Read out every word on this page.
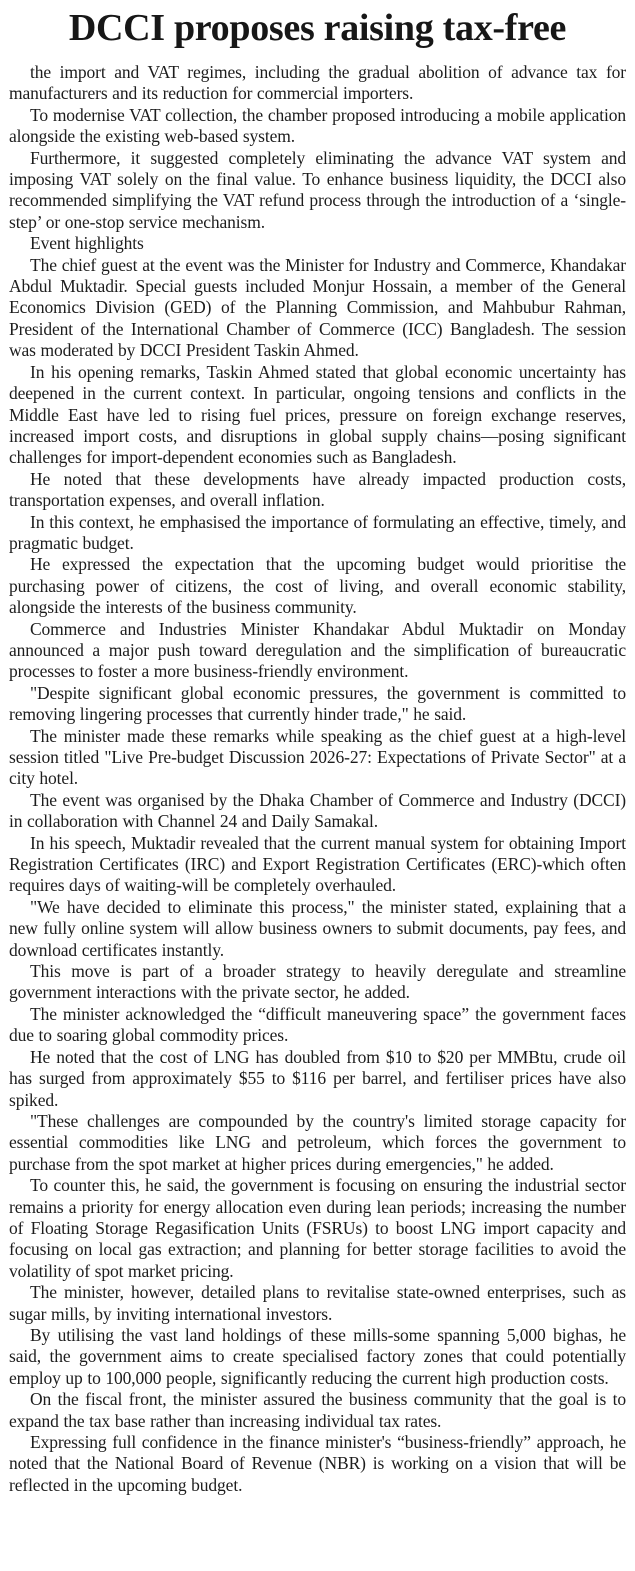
DCCI proposes raising tax-free

the import and VAT regimes, including the gradual abolition of advance tax for manufacturers and its reduction for commercial importers.

To modernise VAT collection, the chamber proposed introducing a mobile application alongside the existing web-based system.

Furthermore, it suggested completely eliminating the advance VAT system and imposing VAT solely on the final value. To enhance business liquidity, the DCCI also recommended simplifying the VAT refund process through the introduction of a ‘single-step’ or one-stop service mechanism.

Event highlights

The chief guest at the event was the Minister for Industry and Commerce, Khandakar Abdul Muktadir. Special guests included Monjur Hossain, a member of the General Economics Division (GED) of the Planning Commission, and Mahbubur Rahman, President of the International Chamber of Commerce (ICC) Bangladesh. The session was moderated by DCCI President Taskin Ahmed.

In his opening remarks, Taskin Ahmed stated that global economic uncertainty has deepened in the current context. In particular, ongoing tensions and conflicts in the Middle East have led to rising fuel prices, pressure on foreign exchange reserves, increased import costs, and disruptions in global supply chains—posing significant challenges for import-dependent economies such as Bangladesh.

He noted that these developments have already impacted production costs, transportation expenses, and overall inflation.

In this context, he emphasised the importance of formulating an effective, timely, and pragmatic budget.

He expressed the expectation that the upcoming budget would prioritise the purchasing power of citizens, the cost of living, and overall economic stability, alongside the interests of the business community.

Commerce and Industries Minister Khandakar Abdul Muktadir on Monday announced a major push toward deregulation and the simplification of bureaucratic processes to foster a more business-friendly environment.

"Despite significant global economic pressures, the government is committed to removing lingering processes that currently hinder trade," he said.

The minister made these remarks while speaking as the chief guest at a high-level session titled "Live Pre-budget Discussion 2026-27: Expectations of Private Sector" at a city hotel.

The event was organised by the Dhaka Chamber of Commerce and Industry (DCCI) in collaboration with Channel 24 and Daily Samakal.

In his speech, Muktadir revealed that the current manual system for obtaining Import Registration Certificates (IRC) and Export Registration Certificates (ERC)-which often requires days of waiting-will be completely overhauled.

"We have decided to eliminate this process," the minister stated, explaining that a new fully online system will allow business owners to submit documents, pay fees, and download certificates instantly.

This move is part of a broader strategy to heavily deregulate and streamline government interactions with the private sector, he added.

The minister acknowledged the “difficult maneuvering space” the government faces due to soaring global commodity prices.

He noted that the cost of LNG has doubled from $10 to $20 per MMBtu, crude oil has surged from approximately $55 to $116 per barrel, and fertiliser prices have also spiked.

"These challenges are compounded by the country's limited storage capacity for essential commodities like LNG and petroleum, which forces the government to purchase from the spot market at higher prices during emergencies," he added.

To counter this, he said, the government is focusing on ensuring the industrial sector remains a priority for energy allocation even during lean periods; increasing the number of Floating Storage Regasification Units (FSRUs) to boost LNG import capacity and focusing on local gas extraction; and planning for better storage facilities to avoid the volatility of spot market pricing.

The minister, however, detailed plans to revitalise state-owned enterprises, such as sugar mills, by inviting international investors.

By utilising the vast land holdings of these mills-some spanning 5,000 bighas, he said, the government aims to create specialised factory zones that could potentially employ up to 100,000 people, significantly reducing the current high production costs.

On the fiscal front, the minister assured the business community that the goal is to expand the tax base rather than increasing individual tax rates.

Expressing full confidence in the finance minister's “business-friendly” approach, he noted that the National Board of Revenue (NBR) is working on a vision that will be reflected in the upcoming budget.
